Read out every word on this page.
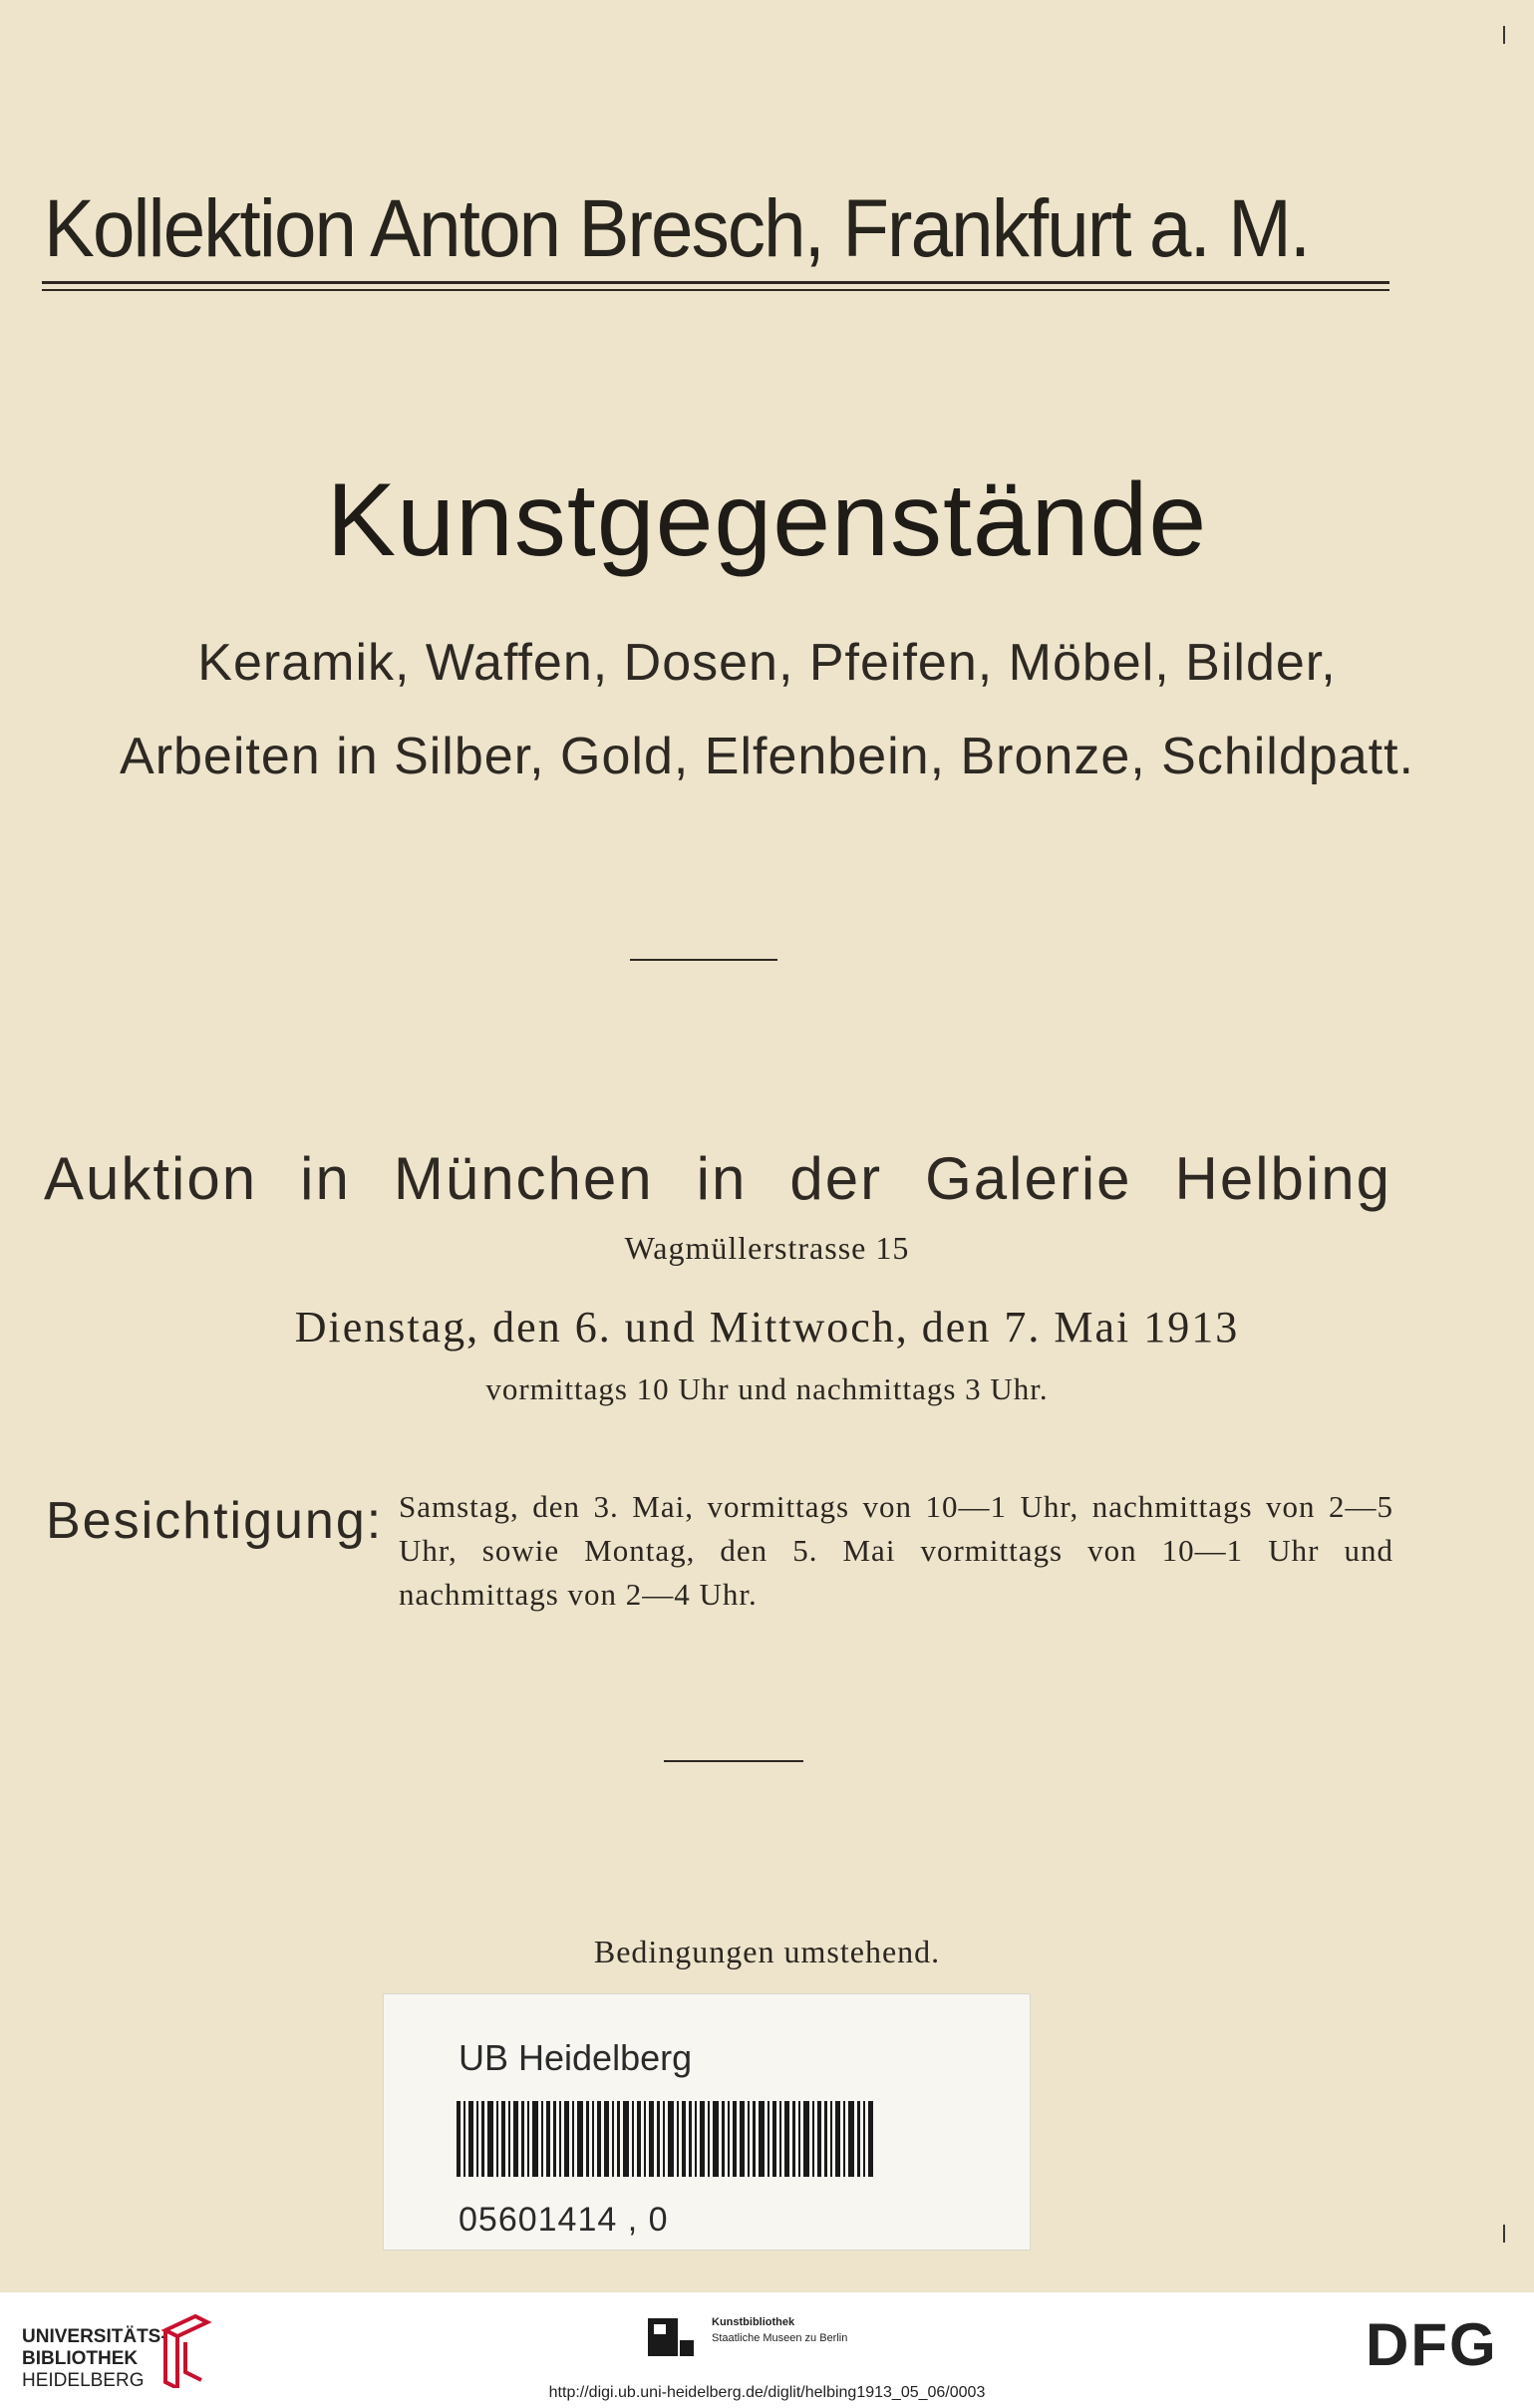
Kollektion Anton Bresch, Frankfurt a. M.
Kunstgegenstände
Keramik, Waffen, Dosen, Pfeifen, Möbel, Bilder,
Arbeiten in Silber, Gold, Elfenbein, Bronze, Schildpatt.
Auktion in München in der Galerie Helbing
Wagmüllerstrasse 15
Dienstag, den 6. und Mittwoch, den 7. Mai 1913
vormittags 10 Uhr und nachmittags 3 Uhr.
Besichtigung: Samstag, den 3. Mai, vormittags von 10—1 Uhr, nachmittags von 2—5 Uhr, sowie Montag, den 5. Mai vormittags von 10—1 Uhr und nachmittags von 2—4 Uhr.
Bedingungen umstehend.
UB Heidelberg
05601414 , 0
UNIVERSITÄTS-
BIBLIOTHEK
HEIDELBERG
Kunstbibliothek
Staatliche Museen zu Berlin	DFG
http://digi.ub.uni-heidelberg.de/diglit/helbing1913_05_06/0003
